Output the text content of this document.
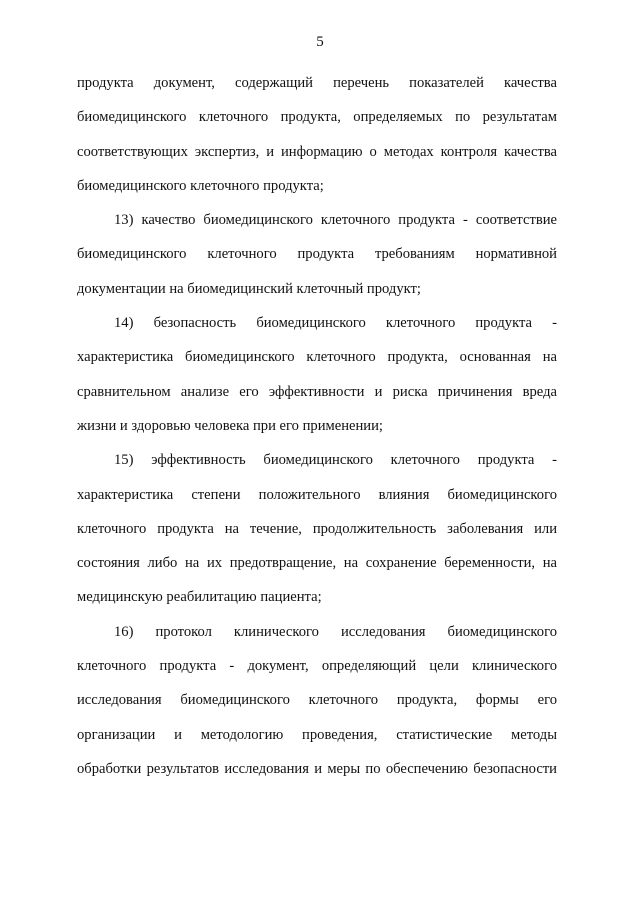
5
продукта документ, содержащий перечень показателей качества
биомедицинского клеточного продукта, определяемых по результатам
соответствующих экспертиз, и информацию о методах контроля качества
биомедицинского клеточного продукта;
13) качество биомедицинского клеточного продукта - соответствие
биомедицинского клеточного продукта требованиям нормативной
документации на биомедицинский клеточный продукт;
14) безопасность биомедицинского клеточного продукта -
характеристика биомедицинского клеточного продукта, основанная на
сравнительном анализе его эффективности и риска причинения вреда
жизни и здоровью человека при его применении;
15) эффективность биомедицинского клеточного продукта -
характеристика степени положительного влияния биомедицинского
клеточного продукта на течение, продолжительность заболевания или
состояния либо на их предотвращение, на сохранение беременности, на
медицинскую реабилитацию пациента;
16) протокол клинического исследования биомедицинского
клеточного продукта - документ, определяющий цели клинического
исследования биомедицинского клеточного продукта, формы его
организации и методологию проведения, статистические методы
обработки результатов исследования и меры по обеспечению безопасности
